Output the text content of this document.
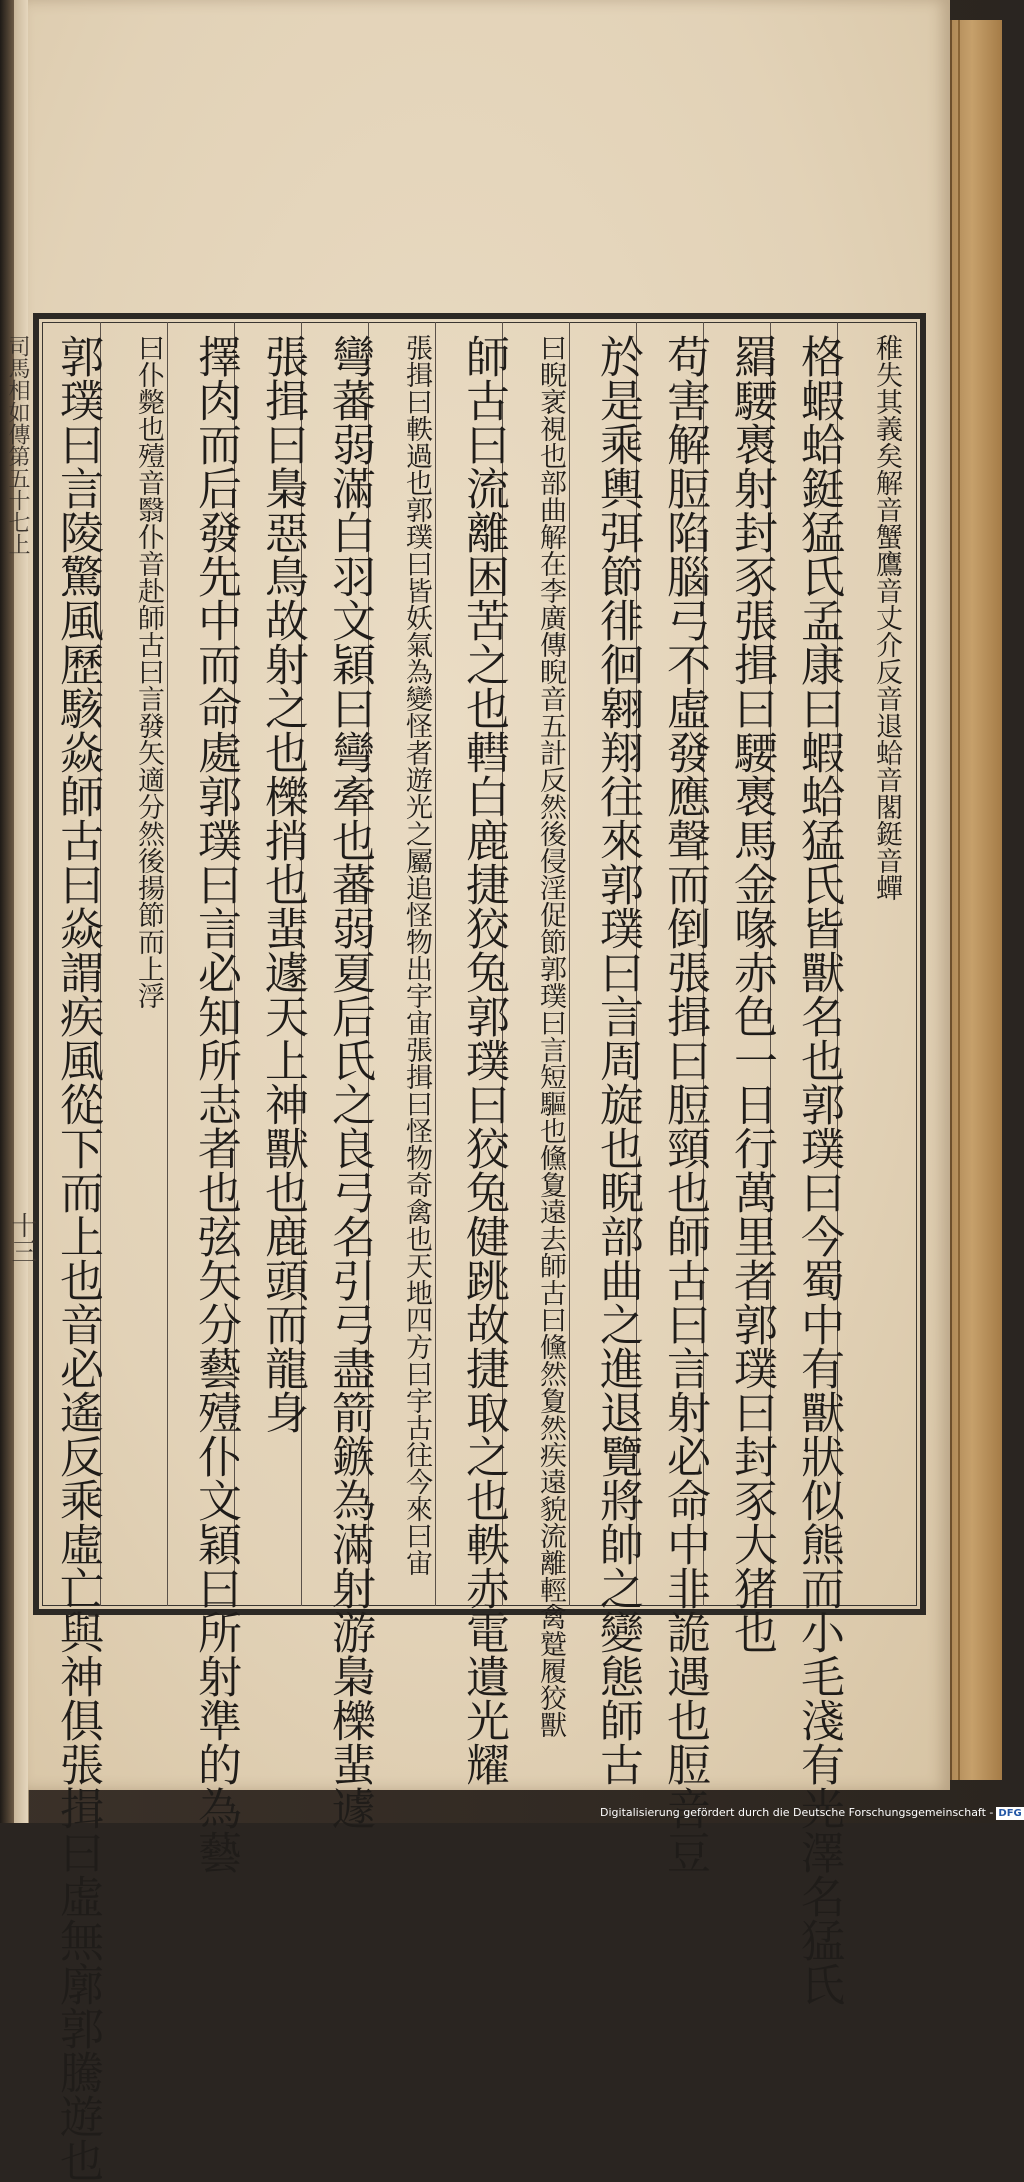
稚失其義矣解音蟹鷹音丈介反音退蛤音閣鋌音蟬
格蝦蛤鋌猛氏孟康曰蝦蛤猛氏皆獸名也郭璞曰今蜀中有獸狀似熊而小毛淺有光澤名猛氏
羂騕褭射封豕張揖曰騕褭馬金喙赤色一日行萬里者郭璞曰封豕大猪也
苟害解脰陷腦弓不虛發應聲而倒張揖曰脰頸也師古曰言射必命中非詭遇也脰音豆
於是乘輿弭節徘徊翱翔往來郭璞曰言周旋也睨部曲之進退覽將帥之變態師古
曰睨衺視也部曲解在李廣傳睨音五計反然後侵淫促節郭璞曰言短驅也儵夐遠去師古曰儵然夐然疾遠貌流離輕禽蹵履狡獸
師古曰流離困苦之也轊白鹿捷狡兔郭璞曰狡兔健跳故捷取之也軼赤電遺光耀
張揖曰軼過也郭璞曰皆妖氣為變怪者遊光之屬追怪物出宇宙張揖曰怪物奇禽也天地四方曰宇古往今來曰宙
彎蕃弱滿白羽文穎曰彎牽也蕃弱夏后氏之良弓名引弓盡箭鏃為滿射游梟櫟蜚遽
張揖曰梟惡鳥故射之也櫟捎也蜚遽天上神獸也鹿頭而龍身
擇肉而后發先中而命處郭璞曰言必知所志者也弦矢分藝殪仆文穎曰所射準的為藝
曰仆斃也殪音翳仆音赴師古曰言發矢適分然後揚節而上浮
郭璞曰言陵驚風歷駭焱師古曰焱謂疾風從下而上也音必遙反乘虛亡與神俱張揖曰虛無廓郭騰遊也
司馬相如傳第五十七上
十三
Digitalisierung gefördert durch die Deutsche Forschungsgemeinschaft - DFG
